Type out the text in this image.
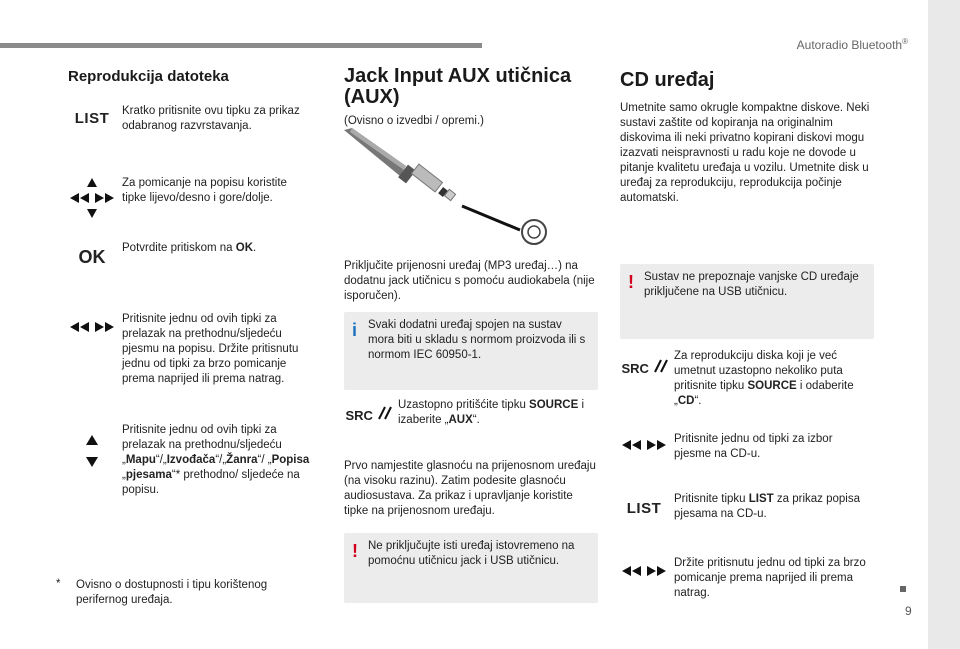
Autoradio Bluetooth®
9
Reprodukcija datoteka
LIST	Kratko pritisnite ovu tipku za prikaz odabranog razvrstavanja.
Za pomicanje na popisu koristite tipke lijevo/desno i gore/dolje.
OK	Potvrdite pritiskom na OK.
Pritisnite jednu od ovih tipki za prelazak na prethodnu/sljedeću pjesmu na popisu. Držite pritisnutu jednu od tipki za brzo pomicanje prema naprijed ili prema natrag.
Pritisnite jednu od ovih tipki za prelazak na prethodnu/sljedeću „Mapu“/„Izvođača“/„Žanra“/ „Popisa „pjesama“* prethodno/ sljedeće na popisu.
* Ovisno o dostupnosti i tipu korištenog perifernog uređaja.
Jack Input AUX utičnica (AUX)

(Ovisno o izvedbi / opremi.)

Priključite prijenosni uređaj (MP3 uređaj…) na dodatnu jack utičnicu s pomoću audiokabela (nije isporučen).

i Svaki dodatni uređaj spojen na sustav mora biti u skladu s normom proizvoda ili s normom IEC 60950-1.
SRC
Uzastopno pritišćite tipku SOURCE i izaberite „AUX“.

Prvo namjestite glasnoću na prijenosnom uređaju (na visoku razinu). Zatim podesite glasnoću audiosustava. Za prikaz i upravljanje koristite tipke na prijenosnom uređaju.

! Ne priključujte isti uređaj istovremeno na pomoćnu utičnicu jack i USB utičnicu.
CD uređaj

Umetnite samo okrugle kompaktne diskove. Neki sustavi zaštite od kopiranja na originalnim diskovima ili neki privatno kopirani diskovi mogu izazvati neispravnosti u radu koje ne dovode u pitanje kvalitetu uređaja u vozilu. Umetnite disk u uređaj za reprodukciju, reprodukcija počinje automatski.

! Sustav ne prepoznaje vanjske CD uređaje priključene na USB utičnicu.
SRC
Za reprodukciju diska koji je već umetnut uzastopno nekoliko puta pritisnite tipku SOURCE i odaberite „CD“.
Pritisnite jednu od tipki za izbor pjesme na CD-u.
LIST
Pritisnite tipku LIST za prikaz popisa pjesama na CD-u.
Držite pritisnutu jednu od tipki za brzo pomicanje prema naprijed ili prema natrag.
